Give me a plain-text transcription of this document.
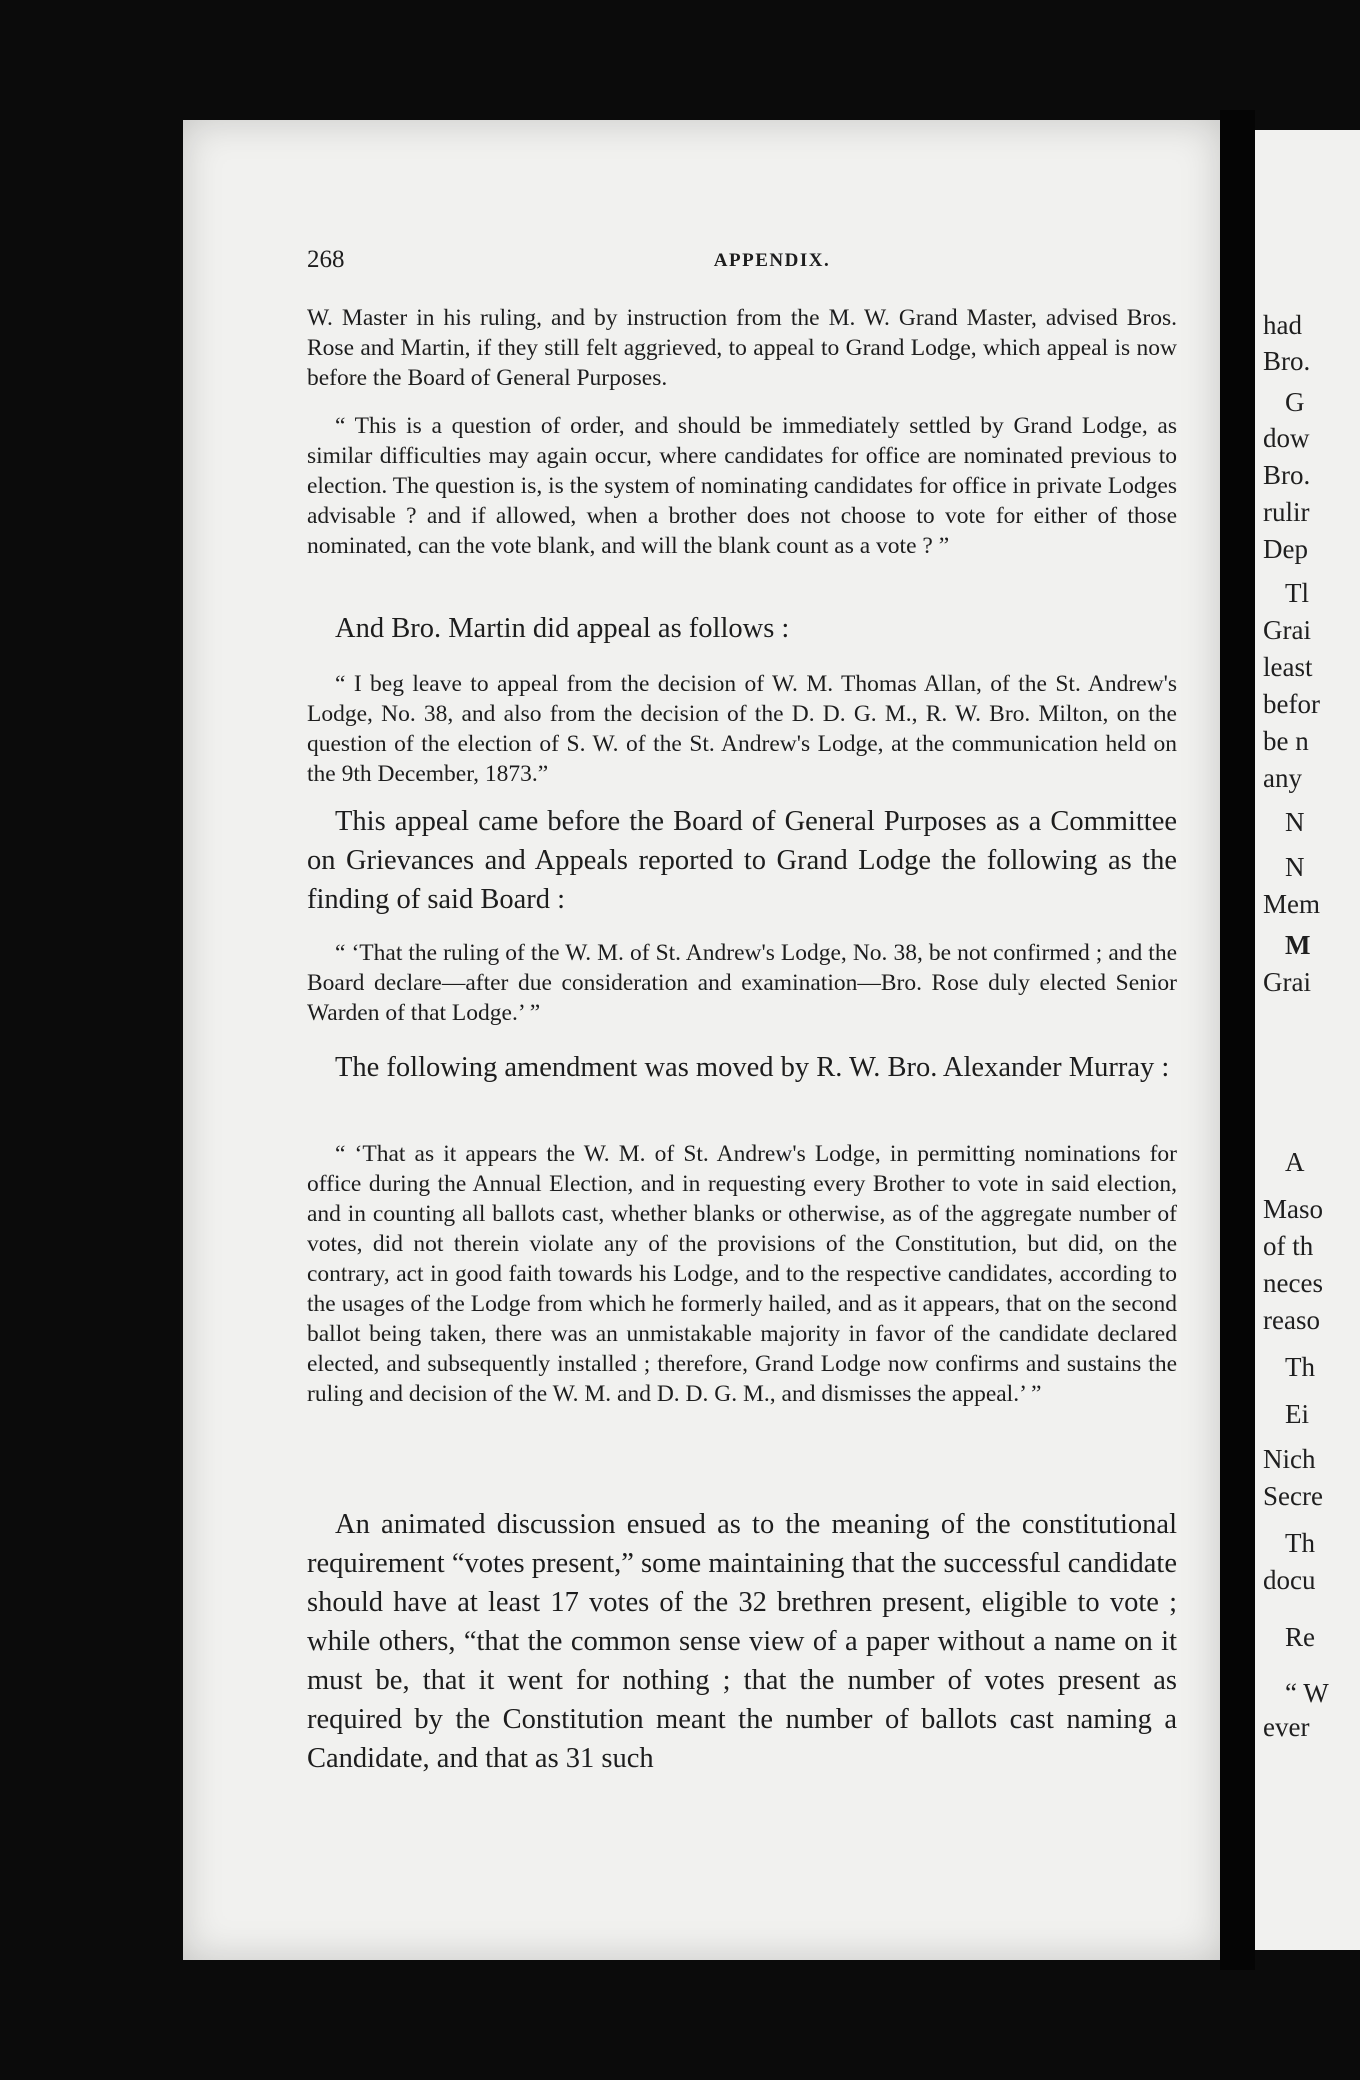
268	APPENDIX.

W. Master in his ruling, and by instruction from the M. W. Grand Master, advised Bros. Rose and Martin, if they still felt aggrieved, to appeal to Grand Lodge, which appeal is now before the Board of General Purposes.

“ This is a question of order, and should be immediately settled by Grand Lodge, as similar difficulties may again occur, where candidates for office are nominated previous to election. The question is, is the system of nominating candidates for office in private Lodges advisable ? and if allowed, when a brother does not choose to vote for either of those nominated, can the vote blank, and will the blank count as a vote ? ”

And Bro. Martin did appeal as follows :

“ I beg leave to appeal from the decision of W. M. Thomas Allan, of the St. Andrew's Lodge, No. 38, and also from the decision of the D. D. G. M., R. W. Bro. Milton, on the question of the election of S. W. of the St. Andrew's Lodge, at the communication held on the 9th December, 1873.”

This appeal came before the Board of General Purposes as a Committee on Grievances and Appeals reported to Grand Lodge the following as the finding of said Board :

“ ‘That the ruling of the W. M. of St. Andrew's Lodge, No. 38, be not confirmed ; and the Board declare—after due consideration and examination—Bro. Rose duly elected Senior Warden of that Lodge.’ ”

The following amendment was moved by R. W. Bro. Alexander Murray :

“ ‘That as it appears the W. M. of St. Andrew's Lodge, in permitting nominations for office during the Annual Election, and in requesting every Brother to vote in said election, and in counting all ballots cast, whether blanks or otherwise, as of the aggregate number of votes, did not therein violate any of the provisions of the Constitution, but did, on the contrary, act in good faith towards his Lodge, and to the respective candidates, according to the usages of the Lodge from which he formerly hailed, and as it appears, that on the second ballot being taken, there was an unmistakable majority in favor of the candidate declared elected, and subsequently installed ; therefore, Grand Lodge now confirms and sustains the ruling and decision of the W. M. and D. D. G. M., and dismisses the appeal.’ ”

An animated discussion ensued as to the meaning of the constitutional requirement “votes present,” some maintaining that the successful candidate should have at least 17 votes of the 32 brethren present, eligible to vote ; while others, “that the common sense view of a paper without a name on it must be, that it went for nothing ; that the number of votes present as required by the Constitution meant the number of ballots cast naming a Candidate, and that as 31 such

had
Bro.
G
dow
Bro.
rulir
Dep
Tl
Grai
least
befor
be n
any
N
N
Mem
M
Grai
A
Maso
of th
neces
reaso
Th
Ei
Nich
Secre
Th
docu
Re
“ W
ever
